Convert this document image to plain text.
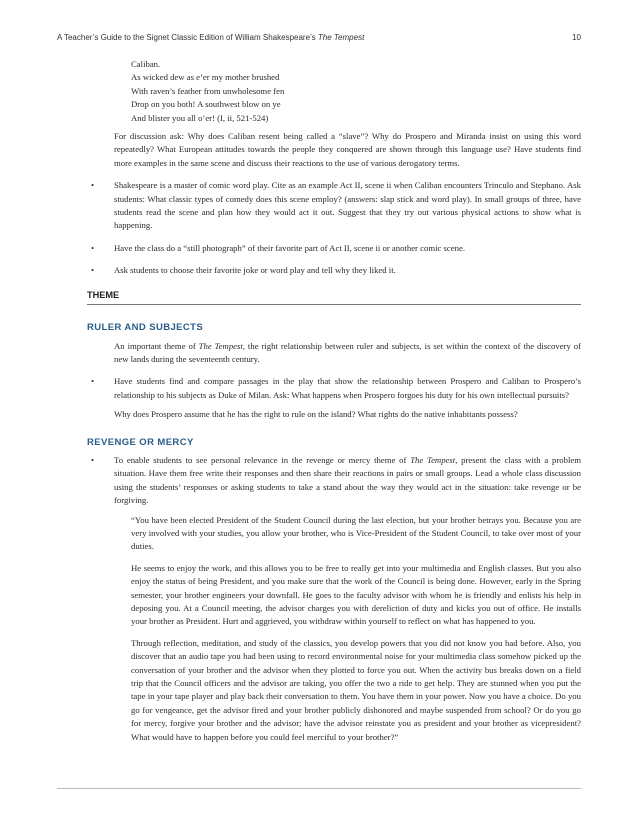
A Teacher’s Guide to the Signet Classic Edition of William Shakespeare’s The Tempest	10
Caliban.
As wicked dew as e’er my mother brushed
With raven’s feather from unwholesome fen
Drop on you both! A southwest blow on ye
And blister you all o’er! (I, ii, 521-524)

For discussion ask: Why does Caliban resent being called a “slave”? Why do Prospero and Miranda insist on using this word repeatedly? What European attitudes towards the people they conquered are shown through this language use? Have students find more examples in the same scene and discuss their reactions to the use of various derogatory terms.

• Shakespeare is a master of comic word play. Cite as an example Act II, scene ii when Caliban encounters Trinculo and Stephano. Ask students: What classic types of comedy does this scene employ? (answers: slap stick and word play). In small groups of three, have students read the scene and plan how they would act it out. Suggest that they try out various physical actions to show what is happening.
• Have the class do a “still photograph” of their favorite part of Act II, scene ii or another comic scene.
• Ask students to choose their favorite joke or word play and tell why they liked it.
THEME
RULER AND SUBJECTS

An important theme of The Tempest, the right relationship between ruler and subjects, is set within the context of the discovery of new lands during the seventeenth century.

• Have students find and compare passages in the play that show the relationship between Prospero and Caliban to Prospero’s relationship to his subjects as Duke of Milan. Ask: What happens when Prospero forgoes his duty for his own intellectual pursuits?

Why does Prospero assume that he has the right to rule on the island? What rights do the native inhabitants possess?

REVENGE OR MERCY
• To enable students to see personal relevance in the revenge or mercy theme of The Tempest, present the class with a problem situation. Have them free write their responses and then share their reactions in pairs or small groups. Lead a whole class discussion using the students’ responses or asking students to take a stand about the way they would act in the situation: take revenge or be forgiving.

“You have been elected President of the Student Council during the last election, but your brother betrays you. Because you are very involved with your studies, you allow your brother, who is Vice-President of the Student Council, to take over most of your duties.

He seems to enjoy the work, and this allows you to be free to really get into your multimedia and English classes. But you also enjoy the status of being President, and you make sure that the work of the Council is being done. However, early in the Spring semester, your brother engineers your downfall. He goes to the faculty advisor with whom he is friendly and enlists his help in deposing you. At a Council meeting, the advisor charges you with dereliction of duty and kicks you out of office. He installs your brother as President. Hurt and aggrieved, you withdraw within yourself to reflect on what has happened to you.

Through reflection, meditation, and study of the classics, you develop powers that you did not know you had before. Also, you discover that an audio tape you had been using to record environmental noise for your multimedia class somehow picked up the conversation of your brother and the advisor when they plotted to force you out. When the activity bus breaks down on a field trip that the Council officers and the advisor are taking, you offer the two a ride to get help. They are stunned when you put the tape in your tape player and play back their conversation to them. You have them in your power. Now you have a choice. Do you go for vengeance, get the advisor fired and your brother publicly dishonored and maybe suspended from school? Or do you go for mercy, forgive your brother and the advisor; have the advisor reinstate you as president and your brother as vicepresident? What would have to happen before you could feel merciful to your brother?”
